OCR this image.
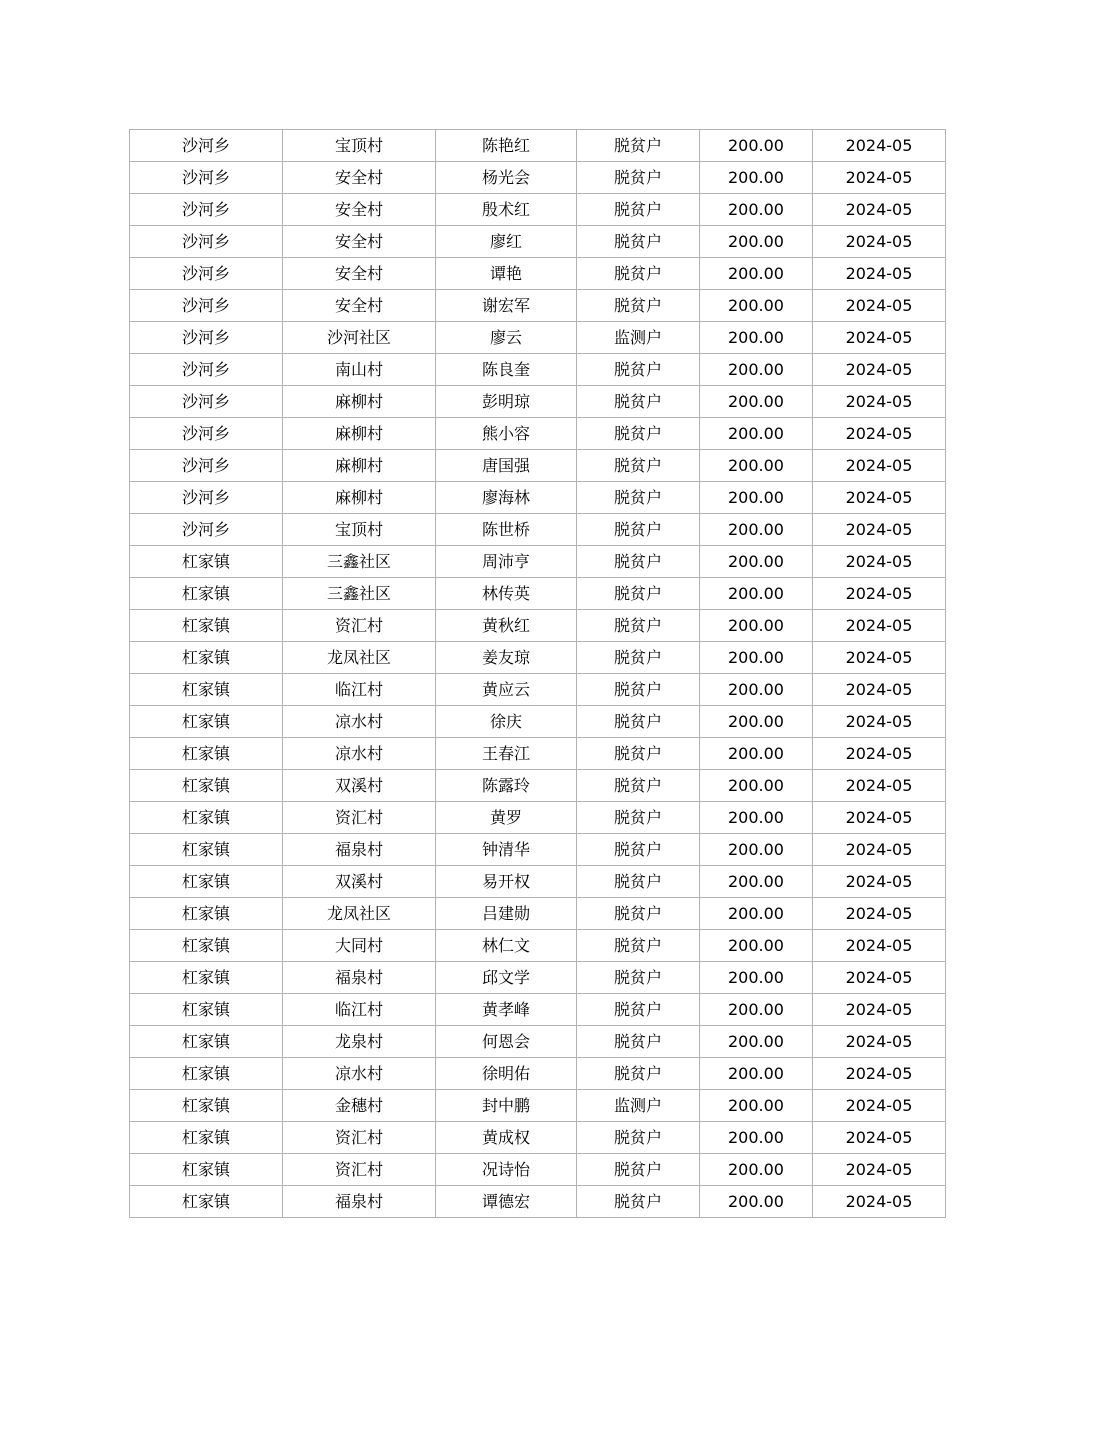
沙河乡	宝顶村	陈艳红	脱贫户	200.00	2024-05
沙河乡	安全村	杨光会	脱贫户	200.00	2024-05
沙河乡	安全村	殷术红	脱贫户	200.00	2024-05
沙河乡	安全村	廖红	脱贫户	200.00	2024-05
沙河乡	安全村	谭艳	脱贫户	200.00	2024-05
沙河乡	安全村	谢宏军	脱贫户	200.00	2024-05
沙河乡	沙河社区	廖云	监测户	200.00	2024-05
沙河乡	南山村	陈良奎	脱贫户	200.00	2024-05
沙河乡	麻柳村	彭明琼	脱贫户	200.00	2024-05
沙河乡	麻柳村	熊小容	脱贫户	200.00	2024-05
沙河乡	麻柳村	唐国强	脱贫户	200.00	2024-05
沙河乡	麻柳村	廖海林	脱贫户	200.00	2024-05
沙河乡	宝顶村	陈世桥	脱贫户	200.00	2024-05
杠家镇	三鑫社区	周沛亨	脱贫户	200.00	2024-05
杠家镇	三鑫社区	林传英	脱贫户	200.00	2024-05
杠家镇	资汇村	黄秋红	脱贫户	200.00	2024-05
杠家镇	龙凤社区	姜友琼	脱贫户	200.00	2024-05
杠家镇	临江村	黄应云	脱贫户	200.00	2024-05
杠家镇	凉水村	徐庆	脱贫户	200.00	2024-05
杠家镇	凉水村	王春江	脱贫户	200.00	2024-05
杠家镇	双溪村	陈露玲	脱贫户	200.00	2024-05
杠家镇	资汇村	黄罗	脱贫户	200.00	2024-05
杠家镇	福泉村	钟清华	脱贫户	200.00	2024-05
杠家镇	双溪村	易开权	脱贫户	200.00	2024-05
杠家镇	龙凤社区	吕建勋	脱贫户	200.00	2024-05
杠家镇	大同村	林仁文	脱贫户	200.00	2024-05
杠家镇	福泉村	邱文学	脱贫户	200.00	2024-05
杠家镇	临江村	黄孝峰	脱贫户	200.00	2024-05
杠家镇	龙泉村	何恩会	脱贫户	200.00	2024-05
杠家镇	凉水村	徐明佑	脱贫户	200.00	2024-05
杠家镇	金穗村	封中鹏	监测户	200.00	2024-05
杠家镇	资汇村	黄成权	脱贫户	200.00	2024-05
杠家镇	资汇村	况诗怡	脱贫户	200.00	2024-05
杠家镇	福泉村	谭德宏	脱贫户	200.00	2024-05
